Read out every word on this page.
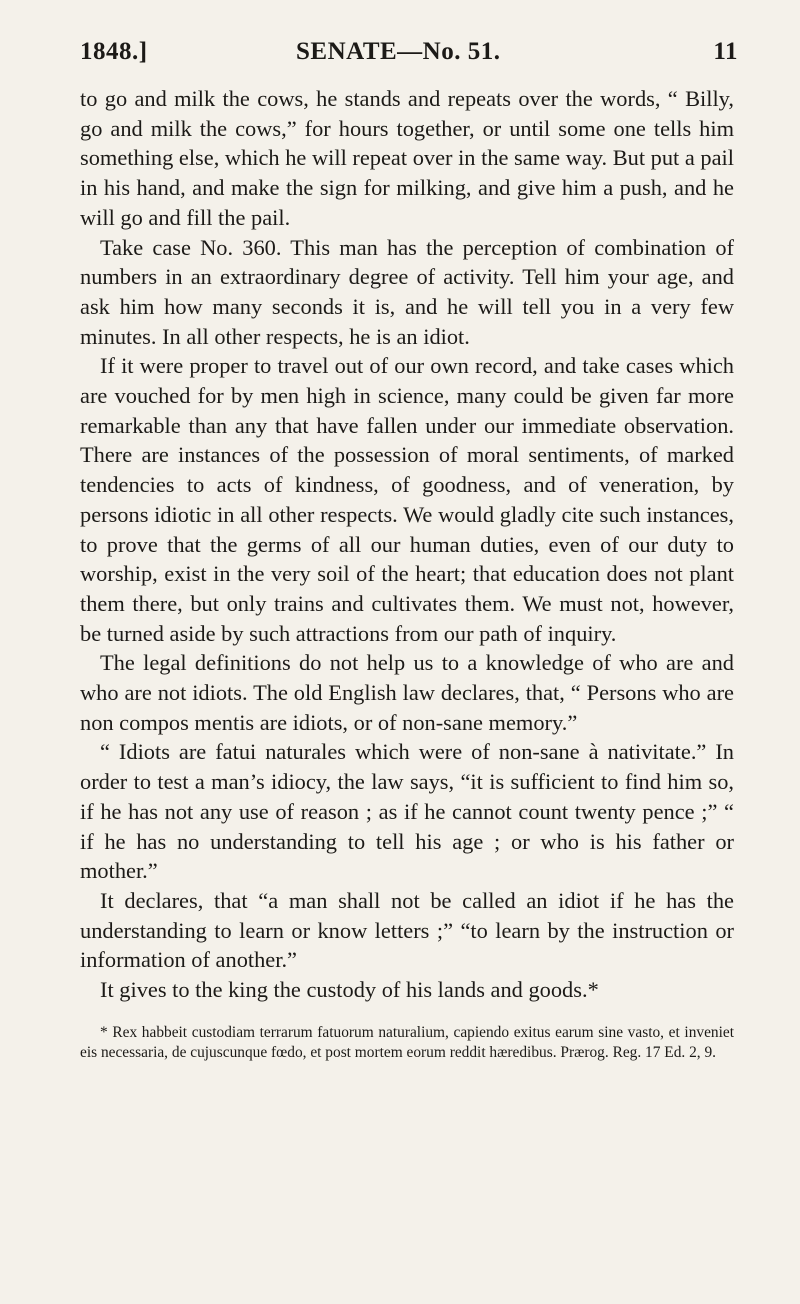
1848.]	SENATE—No. 51.	11

to go and milk the cows, he stands and repeats over the words, “ Billy, go and milk the cows,” for hours together, or until some one tells him something else, which he will repeat over in the same way. But put a pail in his hand, and make the sign for milking, and give him a push, and he will go and fill the pail.

Take case No. 360. This man has the perception of combination of numbers in an extraordinary degree of activity. Tell him your age, and ask him how many seconds it is, and he will tell you in a very few minutes. In all other respects, he is an idiot.

If it were proper to travel out of our own record, and take cases which are vouched for by men high in science, many could be given far more remarkable than any that have fallen under our immediate observation. There are instances of the possession of moral sentiments, of marked tendencies to acts of kindness, of goodness, and of veneration, by persons idiotic in all other respects. We would gladly cite such instances, to prove that the germs of all our human duties, even of our duty to worship, exist in the very soil of the heart; that education does not plant them there, but only trains and cultivates them. We must not, however, be turned aside by such attractions from our path of inquiry.

The legal definitions do not help us to a knowledge of who are and who are not idiots. The old English law declares, that, “ Persons who are non compos mentis are idiots, or of non-sane memory.”

“ Idiots are fatui naturales which were of non-sane à nativitate.” In order to test a man’s idiocy, the law says, “it is sufficient to find him so, if he has not any use of reason ; as if he cannot count twenty pence ;” “ if he has no understanding to tell his age ; or who is his father or mother.”

It declares, that “a man shall not be called an idiot if he has the understanding to learn or know letters ;” “to learn by the instruction or information of another.”

It gives to the king the custody of his lands and goods.*

* Rex habbeit custodiam terrarum fatuorum naturalium, capiendo exitus earum sine vasto, et inveniet eis necessaria, de cujuscunque fœdo, et post mortem eorum reddit hæredibus. Prærog. Reg. 17 Ed. 2, 9.
